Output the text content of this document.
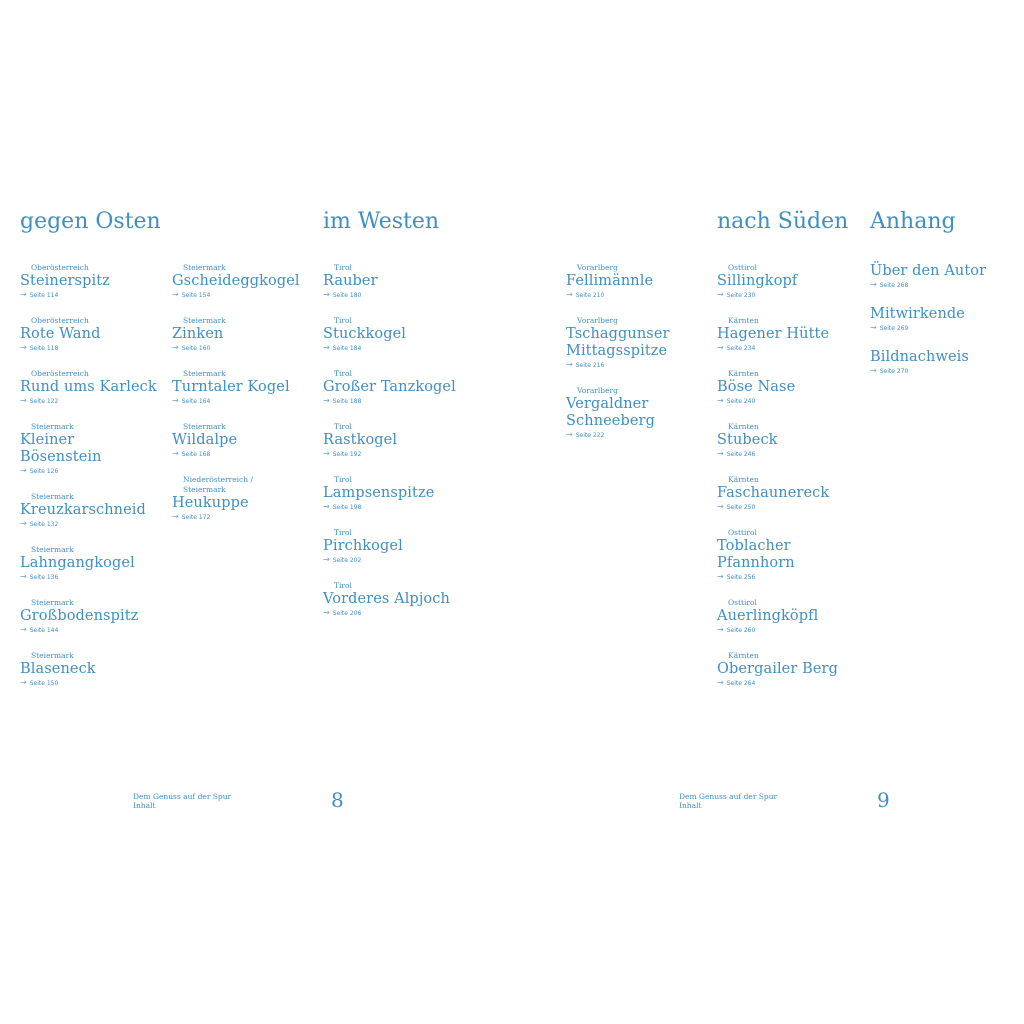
gegen Osten	im Westen	nach Süden Anhang
Oberösterreich
Steinerspitz
→ Seite 114
Oberösterreich
Rote Wand
→ Seite 118
Oberösterreich
Rund ums Karleck
→ Seite 122
Steiermark
Kleiner
Bösenstein
→ Seite 126
Steiermark
Kreuzkarschneid
→ Seite 132
Steiermark
Lahngangkogel
→ Seite 136
Steiermark
Großbodenspitz
→ Seite 144
Steiermark
Blaseneck
→ Seite 150
Steiermark
Gscheideggkogel
→ Seite 154
Steiermark
Zinken
→ Seite 160
Steiermark
Turntaler Kogel
→ Seite 164
Steiermark
Wildalpe
→ Seite 168
Niederösterreich /
Steiermark
Heukuppe
→ Seite 172
Tirol
Rauber
→ Seite 180
Tirol
Stuckkogel
→ Seite 184
Tirol
Großer Tanzkogel
→ Seite 188
Tirol
Rastkogel
→ Seite 192
Tirol
Lampsenspitze
→ Seite 198
Tirol
Pirchkogel
→ Seite 202
Tirol
Vorderes Alpjoch
→ Seite 206
Vorarlberg
Fellimännle
→ Seite 210
Vorarlberg
Tschaggunser
Mittagsspitze
→ Seite 216
Vorarlberg
Vergaldner
Schneeberg
→ Seite 222
Osttirol
Sillingkopf
→ Seite 230
Kärnten
Hagener Hütte
→ Seite 234
Kärnten
Böse Nase
→ Seite 240
Kärnten
Stubeck
→ Seite 246
Kärnten
Faschaunereck
→ Seite 250
Osttirol
Toblacher
Pfannhorn
→ Seite 256
Osttirol
Auerlingköpfl
→ Seite 260
Kärnten
Obergailer Berg
→ Seite 264
Über den Autor
→ Seite 268
Mitwirkende
→ Seite 269
Bildnachweis
→ Seite 270
Dem Genuss auf der Spur
Inhalt	8	Dem Genuss auf der Spur
Inhalt	9
